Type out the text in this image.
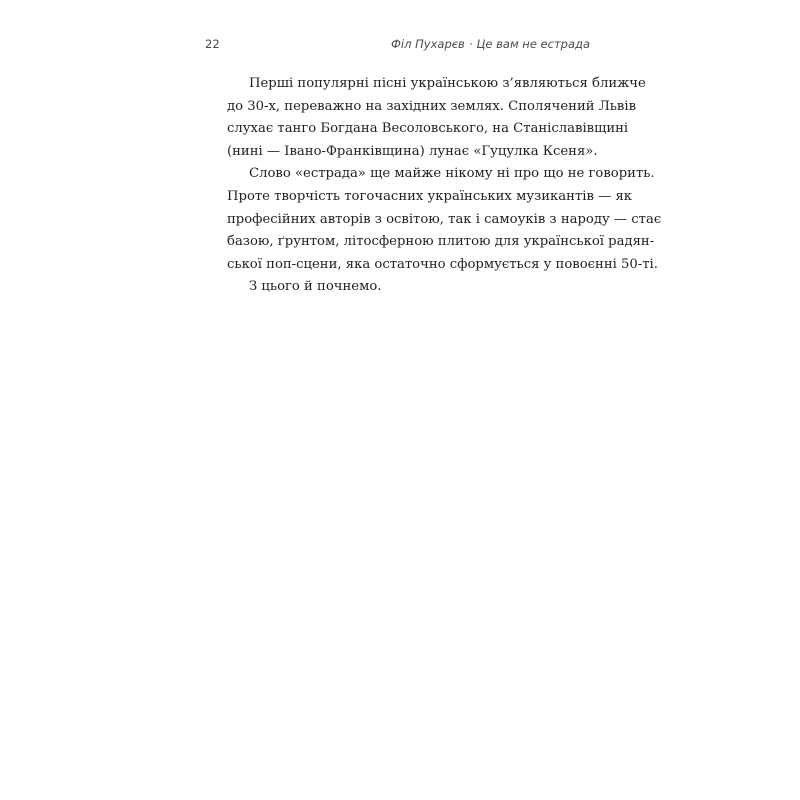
22	Філ Пухарєв · Це вам не естрада

Перші популярні пісні українською з’являються ближче
до 30-х, переважно на західних землях. Сполячений Львів
слухає танго Богдана Весоловського, на Станіславівщині
(нині — Івано-Франківщина) лунає «Гуцулка Ксеня».

Слово «естрада» ще майже нікому ні про що не говорить.
Проте творчість тогочасних українських музикантів — як
професійних авторів з освітою, так і самоуків з народу — стає
базою, ґрунтом, літосферною плитою для української радян-
ської поп-сцени, яка остаточно сформується у повоєнні 50-ті.

З цього й почнемо.
